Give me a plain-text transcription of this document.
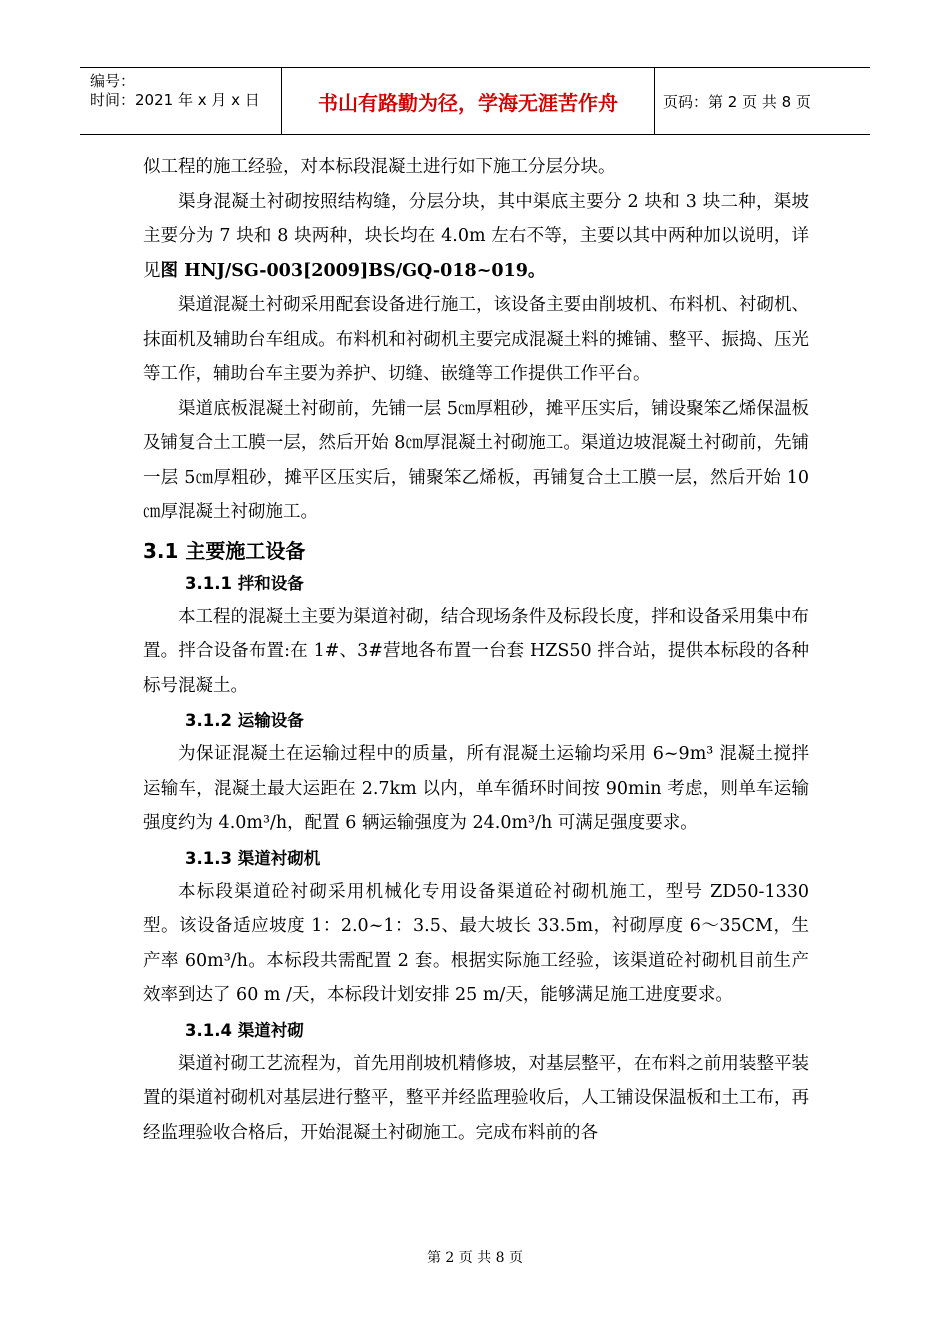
编号：
时间：2021 年 x 月 x 日	书山有路勤为径，学海无涯苦作舟	页码：第 2 页 共 8 页

似工程的施工经验，对本标段混凝土进行如下施工分层分块。

渠身混凝土衬砌按照结构缝，分层分块，其中渠底主要分 2 块和 3 块二种，渠坡主要分为 7 块和 8 块两种，块长均在 4.0m 左右不等，主要以其中两种加以说明，详见图 HNJ/SG-003[2009]BS/GQ-018~019。

渠道混凝土衬砌采用配套设备进行施工，该设备主要由削坡机、布料机、衬砌机、抹面机及辅助台车组成。布料机和衬砌机主要完成混凝土料的摊铺、整平、振捣、压光等工作，辅助台车主要为养护、切缝、嵌缝等工作提供工作平台。

渠道底板混凝土衬砌前，先铺一层 5㎝厚粗砂，摊平压实后，铺设聚笨乙烯保温板及铺复合土工膜一层，然后开始 8㎝厚混凝土衬砌施工。渠道边坡混凝土衬砌前，先铺一层 5㎝厚粗砂，摊平区压实后，铺聚笨乙烯板，再铺复合土工膜一层，然后开始 10㎝厚混凝土衬砌施工。

3.1 主要施工设备
3.1.1 拌和设备

本工程的混凝土主要为渠道衬砌，结合现场条件及标段长度，拌和设备采用集中布置。拌合设备布置:在 1#、3#营地各布置一台套 HZS50 拌合站，提供本标段的各种标号混凝土。

3.1.2 运输设备

为保证混凝土在运输过程中的质量，所有混凝土运输均采用 6~9m³ 混凝土搅拌运输车，混凝土最大运距在 2.7km 以内，单车循环时间按 90min 考虑，则单车运输强度约为 4.0m³/h，配置 6 辆运输强度为 24.0m³/h 可满足强度要求。

3.1.3 渠道衬砌机

本标段渠道砼衬砌采用机械化专用设备渠道砼衬砌机施工，型号 ZD50-1330 型。该设备适应坡度 1：2.0~1：3.5、最大坡长 33.5m，衬砌厚度 6～35CM，生产率 60m³/h。本标段共需配置 2 套。根据实际施工经验，该渠道砼衬砌机目前生产效率到达了 60 m /天，本标段计划安排 25 m/天，能够满足施工进度要求。

3.1.4 渠道衬砌

渠道衬砌工艺流程为，首先用削坡机精修坡，对基层整平，在布料之前用装整平装置的渠道衬砌机对基层进行整平，整平并经监理验收后，人工铺设保温板和土工布，再经监理验收合格后，开始混凝土衬砌施工。完成布料前的各

第 2 页 共 8 页
